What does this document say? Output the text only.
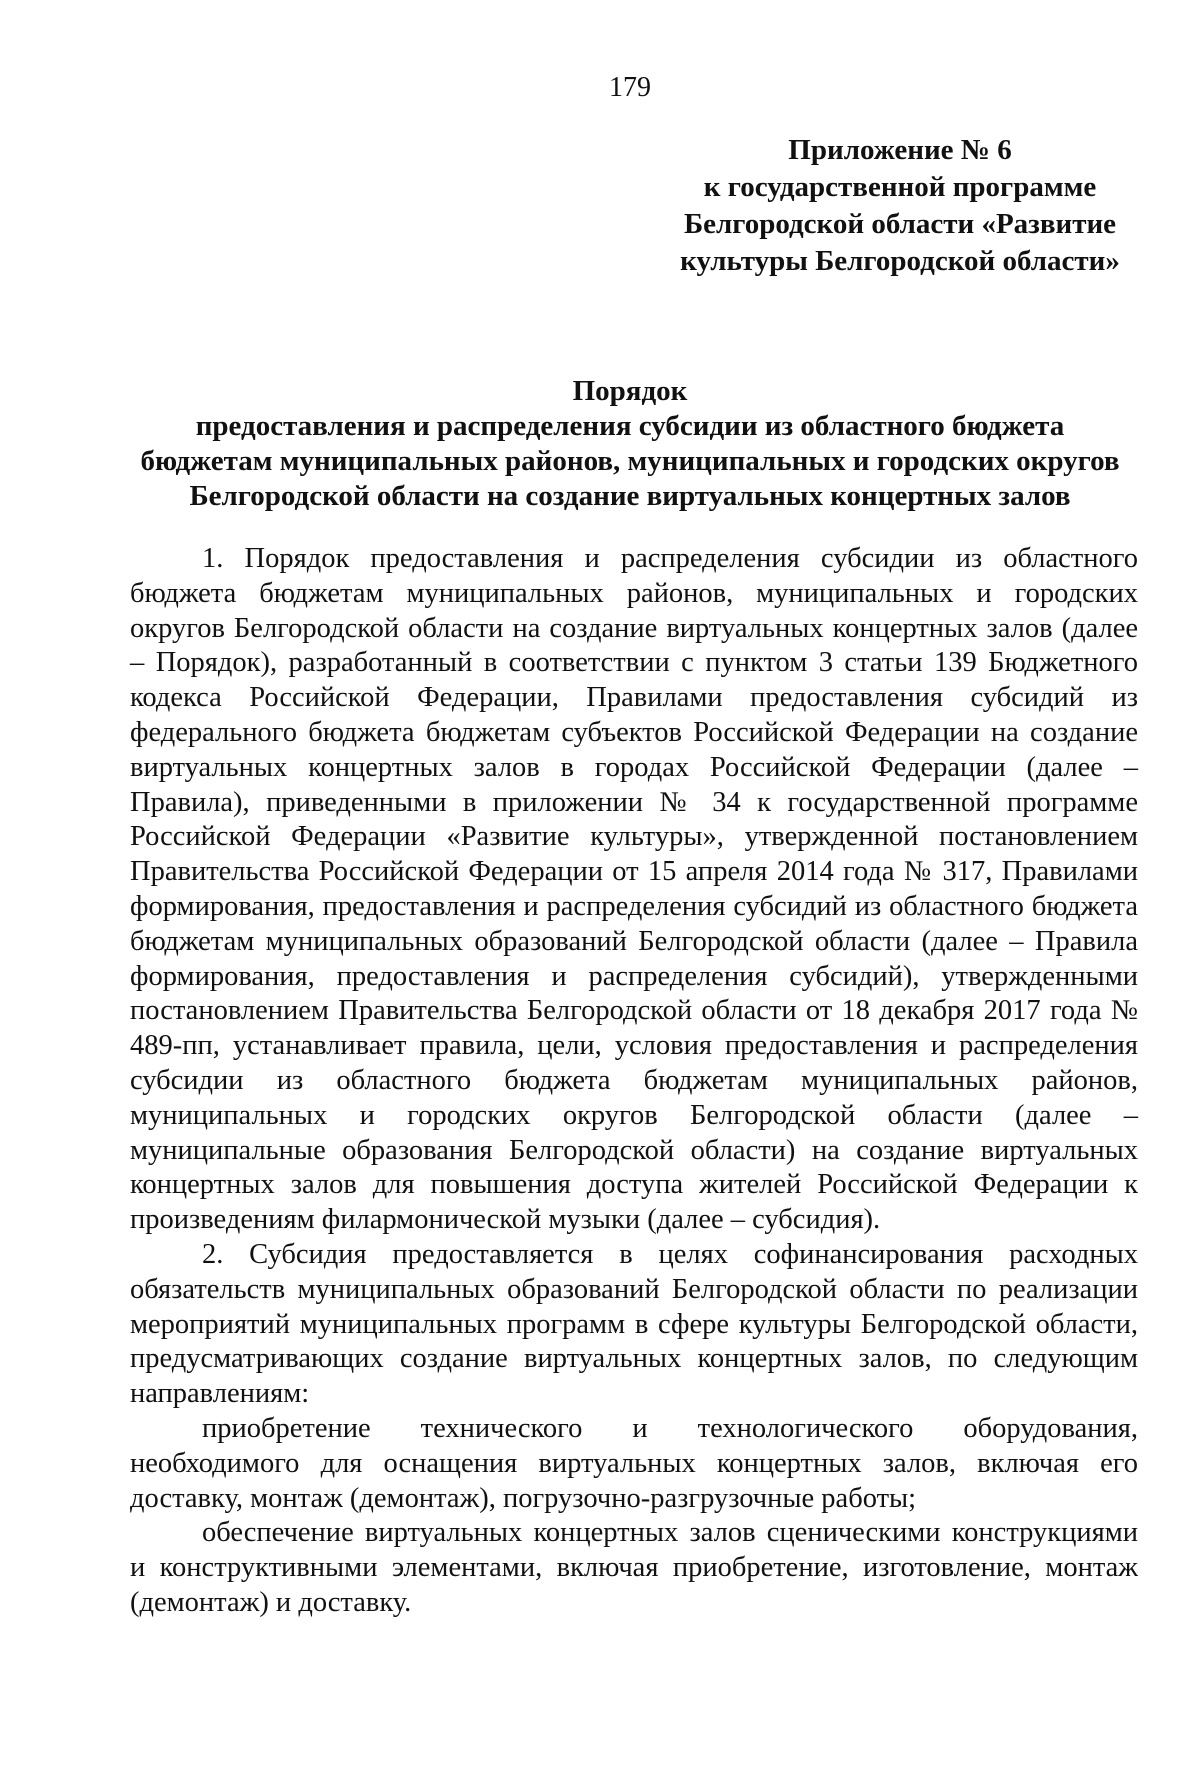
179
Приложение № 6
к государственной программе
Белгородской области «Развитие
культуры Белгородской области»
Порядок
предоставления и распределения субсидии из областного бюджета
бюджетам муниципальных районов, муниципальных и городских округов
Белгородской области на создание виртуальных концертных залов

1. Порядок предоставления и распределения субсидии из областного бюджета бюджетам муниципальных районов, муниципальных и городских округов Белгородской области на создание виртуальных концертных залов (далее – Порядок), разработанный в соответствии с пунктом 3 статьи 139 Бюджетного кодекса Российской Федерации, Правилами предоставления субсидий из федерального бюджета бюджетам субъектов Российской Федерации на создание виртуальных концертных залов в городах Российской Федерации (далее – Правила), приведенными в приложении № 34 к государственной программе Российской Федерации «Развитие культуры», утвержденной постановлением Правительства Российской Федерации от 15 апреля 2014 года № 317, Правилами формирования, предоставления и распределения субсидий из областного бюджета бюджетам муниципальных образований Белгородской области (далее – Правила формирования, предоставления и распределения субсидий), утвержденными постановлением Правительства Белгородской области от 18 декабря 2017 года № 489-пп, устанавливает правила, цели, условия предоставления и распределения субсидии из областного бюджета бюджетам муниципальных районов, муниципальных и городских округов Белгородской области (далее – муниципальные образования Белгородской области) на создание виртуальных концертных залов для повышения доступа жителей Российской Федерации к произведениям филармонической музыки (далее – субсидия).

2. Субсидия предоставляется в целях софинансирования расходных обязательств муниципальных образований Белгородской области по реализации мероприятий муниципальных программ в сфере культуры Белгородской области, предусматривающих создание виртуальных концертных залов, по следующим направлениям:

приобретение технического и технологического оборудования, необходимого для оснащения виртуальных концертных залов, включая его доставку, монтаж (демонтаж), погрузочно-разгрузочные работы;

обеспечение виртуальных концертных залов сценическими конструкциями и конструктивными элементами, включая приобретение, изготовление, монтаж (демонтаж) и доставку.
